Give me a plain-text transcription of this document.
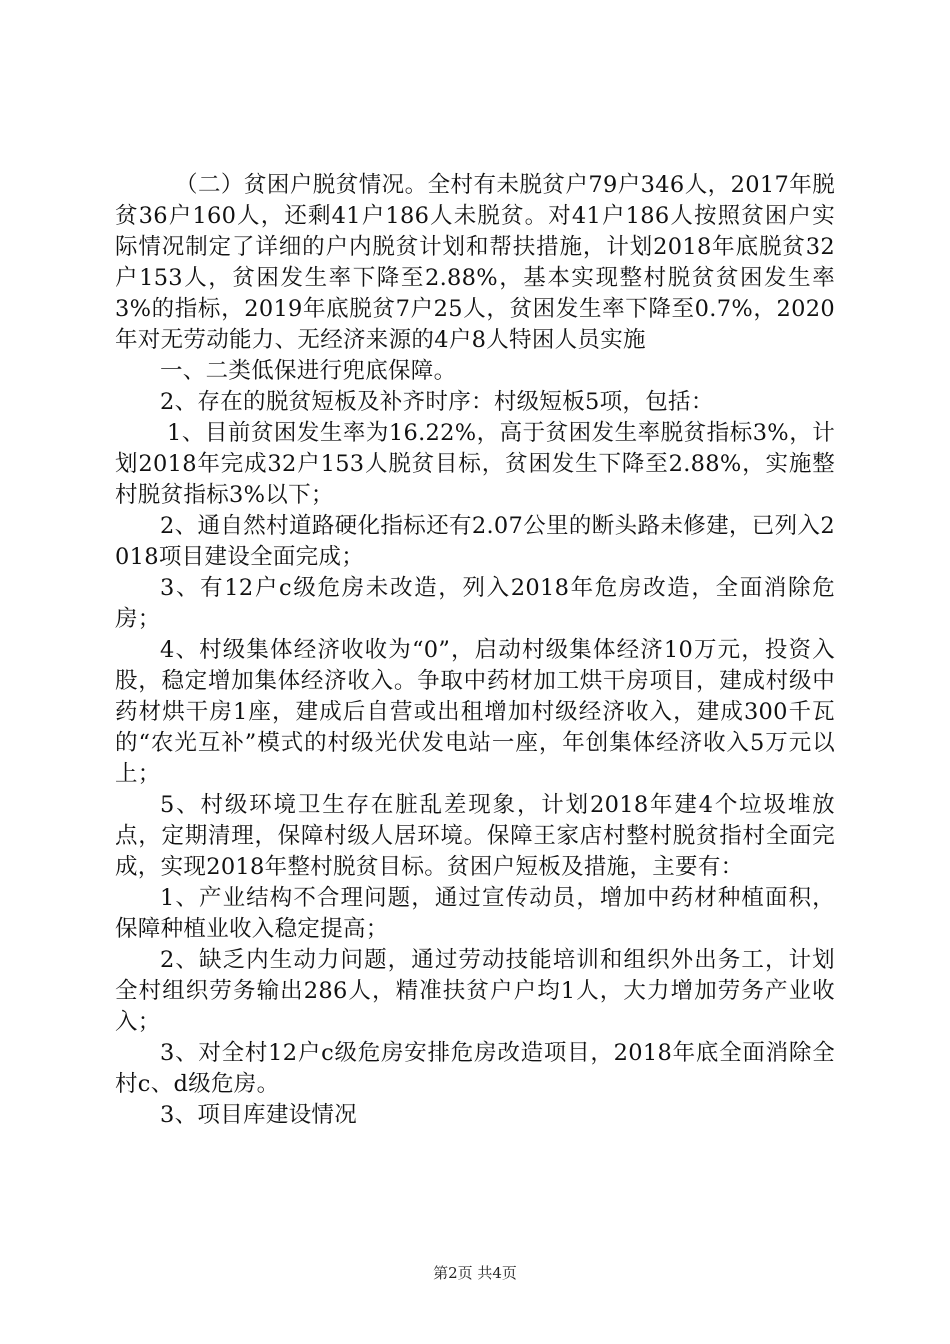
（二）贫困户脱贫情况。全村有未脱贫户79户346人，2017年脱贫36户160人，还剩41户186人未脱贫。对41户186人按照贫困户实际情况制定了详细的户内脱贫计划和帮扶措施，计划2018年底脱贫32户153人，贫困发生率下降至2.88%，基本实现整村脱贫贫困发生率3%的指标，2019年底脱贫7户25人，贫困发生率下降至0.7%，2020年对无劳动能力、无经济来源的4户8人特困人员实施

一、二类低保进行兜底保障。

2、存在的脱贫短板及补齐时序：村级短板5项，包括：

1、目前贫困发生率为16.22%，高于贫困发生率脱贫指标3%，计划2018年完成32户153人脱贫目标，贫困发生下降至2.88%，实施整村脱贫指标3%以下；

2、通自然村道路硬化指标还有2.07公里的断头路未修建，已列入2018项目建设全面完成；

3、有12户c级危房未改造，列入2018年危房改造，全面消除危房；

4、村级集体经济收收为“0”，启动村级集体经济10万元，投资入股，稳定增加集体经济收入。争取中药材加工烘干房项目，建成村级中药材烘干房1座，建成后自营或出租增加村级经济收入，建成300千瓦的“农光互补”模式的村级光伏发电站一座，年创集体经济收入5万元以上；

5、村级环境卫生存在脏乱差现象，计划2018年建4个垃圾堆放点，定期清理，保障村级人居环境。保障王家店村整村脱贫指村全面完成，实现2018年整村脱贫目标。贫困户短板及措施，主要有：

1、产业结构不合理问题，通过宣传动员，增加中药材种植面积，保障种植业收入稳定提高；

2、缺乏内生动力问题，通过劳动技能培训和组织外出务工，计划全村组织劳务输出286人，精准扶贫户户均1人，大力增加劳务产业收入；

3、对全村12户c级危房安排危房改造项目，2018年底全面消除全村c、d级危房。

3、项目库建设情况

第2页 共4页
